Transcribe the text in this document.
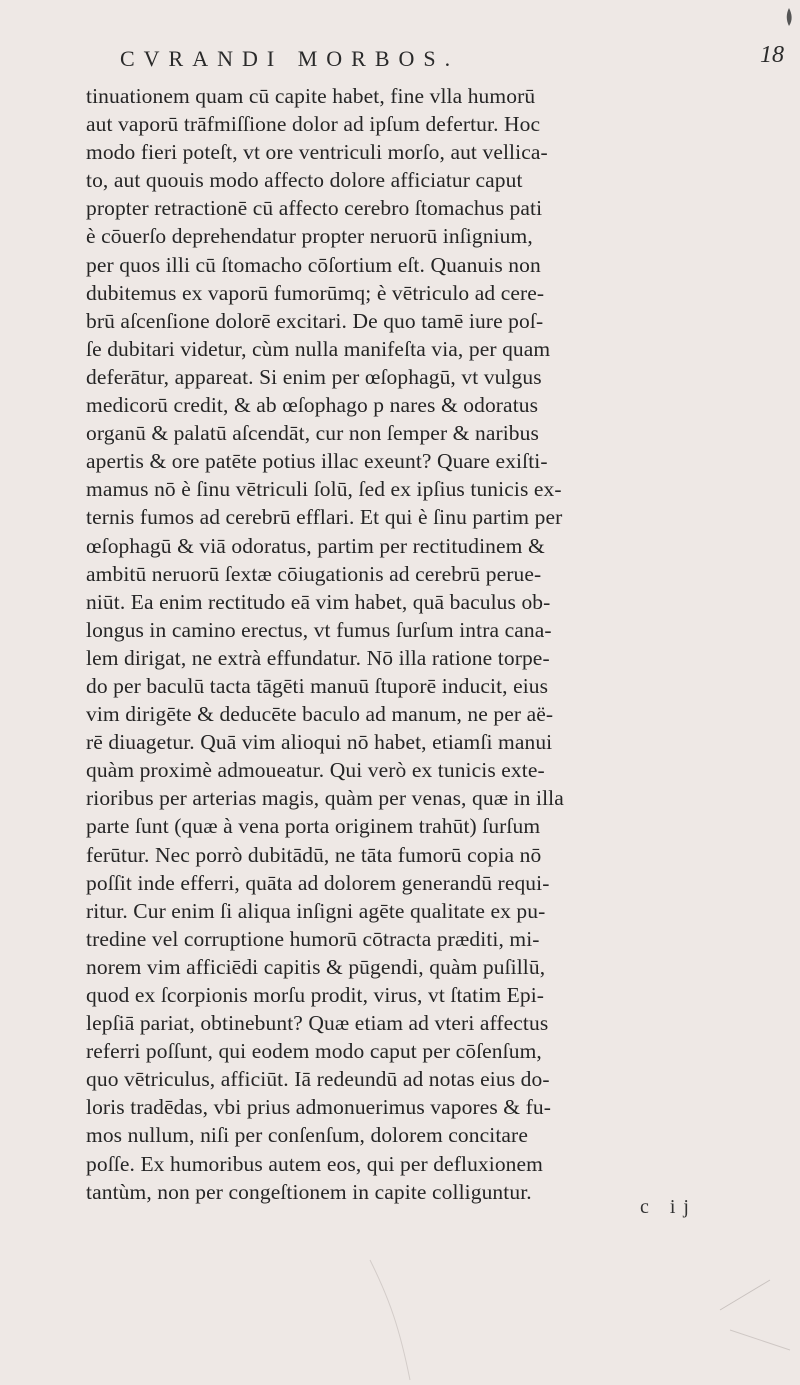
CVRANDI MORBOS.	18
tinuationem quam cū capite habet, fine vlla humorū
aut vaporū trāfmiſſione dolor ad ipſum defertur. Hoc
modo fieri poteſt, vt ore ventriculi morſo, aut vellica-
to, aut quouis modo affecto dolore afficiatur caput
propter retractionē cū affecto cerebro ſtomachus pati
è cōuerſo deprehendatur propter neruorū inſignium,
per quos illi cū ſtomacho cōſortium eſt. Quanuis non
dubitemus ex vaporū fumorūmq; è vētriculo ad cere-
brū aſcenſione dolorē excitari. De quo tamē iure poſ-
ſe dubitari videtur, cùm nulla manifeſta via, per quam
deferātur, appareat. Si enim per œſophagū, vt vulgus
medicorū credit, & ab œſophago p nares & odoratus
organū & palatū aſcendāt, cur non ſemper & naribus
apertis & ore patēte potius illac exeunt? Quare exiſti-
mamus nō è ſinu vētriculi ſolū, ſed ex ipſius tunicis ex-
ternis fumos ad cerebrū efflari. Et qui è ſinu partim per
œſophagū & viā odoratus, partim per rectitudinem &
ambitū neruorū ſextæ cōiugationis ad cerebrū perue-
niūt. Ea enim rectitudo eā vim habet, quā baculus ob-
longus in camino erectus, vt fumus ſurſum intra cana-
lem dirigat, ne extrà effundatur. Nō illa ratione torpe-
do per baculū tacta tāgēti manuū ſtuporē inducit, eius
vim dirigēte & deducēte baculo ad manum, ne per aë-
rē diuagetur. Quā vim alioqui nō habet, etiamſi manui
quàm proximè admoueatur. Qui verò ex tunicis exte-
rioribus per arterias magis, quàm per venas, quæ in illa
parte ſunt (quæ à vena porta originem trahūt) ſurſum
ferūtur. Nec porrò dubitādū, ne tāta fumorū copia nō
poſſit inde efferri, quāta ad dolorem generandū requi-
ritur. Cur enim ſi aliqua inſigni agēte qualitate ex pu-
tredine vel corruptione humorū cōtracta præditi, mi-
norem vim afficiēdi capitis & pūgendi, quàm puſillū,
quod ex ſcorpionis morſu prodit, virus, vt ſtatim Epi-
lepſiā pariat, obtinebunt? Quæ etiam ad vteri affectus
referri poſſunt, qui eodem modo caput per cōſenſum,
quo vētriculus, afficiūt. Iā redeundū ad notas eius do-
loris tradēdas, vbi prius admonuerimus vapores & fu-
mos nullum, niſi per conſenſum, dolorem concitare
poſſe. Ex humoribus autem eos, qui per defluxionem
tantùm, non per congeſtionem in capite colliguntur.
c ij
